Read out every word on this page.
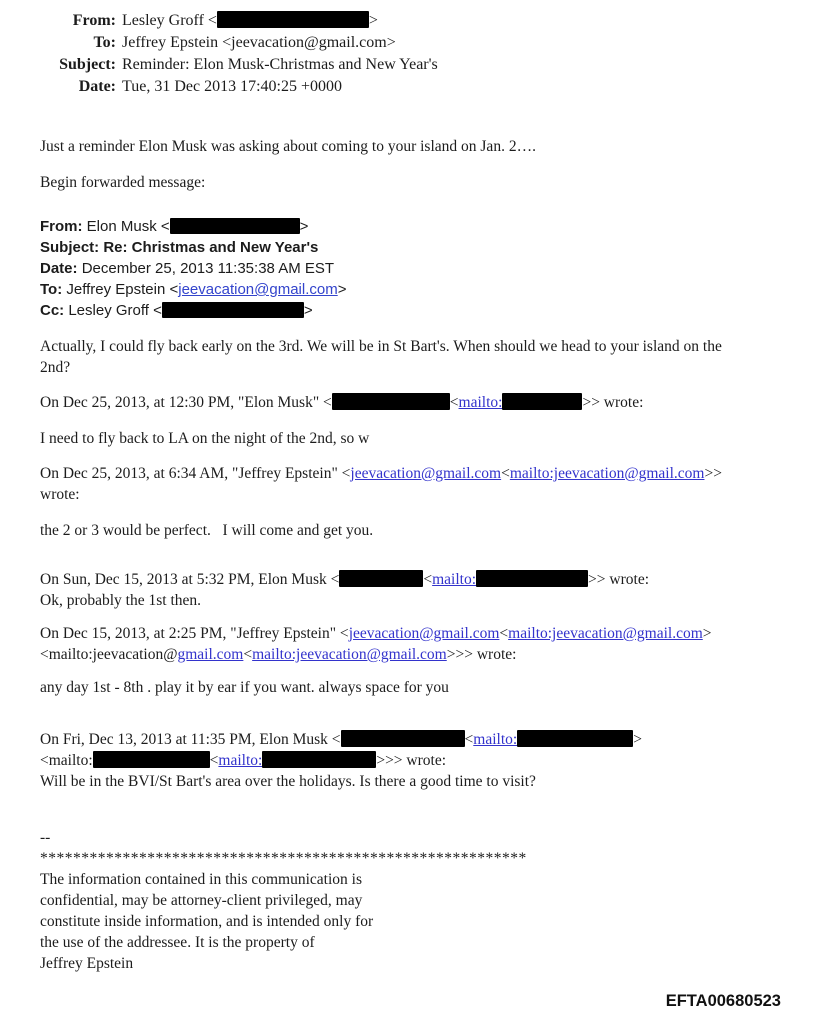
From: Lesley Groff <	>
To: Jeffrey Epstein <jeevacation@gmail.com>
Subject: Reminder: Elon Musk-Christmas and New Year's
Date: Tue, 31 Dec 2013 17:40:25 +0000
Just a reminder Elon Musk was asking about coming to your island on Jan. 2….
Begin forwarded message:
From: Elon Musk <	>
Subject: Re: Christmas and New Year's
Date: December 25, 2013 11:35:38 AM EST
To: Jeffrey Epstein <jeevacation@gmail.com>
Cc: Lesley Groff <	>
Actually, I could fly back early on the 3rd. We will be in St Bart's. When should we head to your island on the
2nd?
On Dec 25, 2013, at 12:30 PM, "Elon Musk" <	<mailto:	>> wrote:
I need to fly back to LA on the night of the 2nd, so w
On Dec 25, 2013, at 6:34 AM, "Jeffrey Epstein" <jeevacation@gmail.com<mailto:jeevacation@gmail.com>>
wrote:
the 2 or 3 would be perfect.   I will come and get you.
On Sun, Dec 15, 2013 at 5:32 PM, Elon Musk <	<mailto:	>> wrote:
Ok, probably the 1st then.
On Dec 15, 2013, at 2:25 PM, "Jeffrey Epstein" <jeevacation@gmail.com<mailto:jeevacation@gmail.com>
<mailto:jeevacation@gmail.com<mailto:jeevacation@gmail.com>>> wrote:
any day 1st - 8th . play it by ear if you want. always space for you
On Fri, Dec 13, 2013 at 11:35 PM, Elon Musk <	<mailto:	>
<mailto:	<mailto:	>>> wrote:
Will be in the BVI/St Bart's area over the holidays. Is there a good time to visit?
--
***********************************************************
The information contained in this communication is
confidential, may be attorney-client privileged, may
constitute inside information, and is intended only for
the use of the addressee. It is the property of
Jeffrey Epstein
EFTA00680523
